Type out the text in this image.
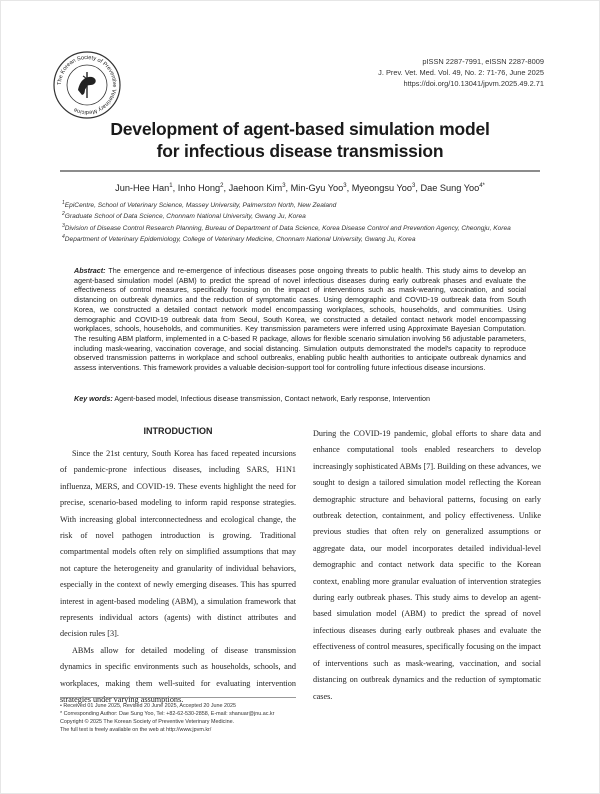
The Korean Society of Preventive Veterinary Medicine
pISSN 2287-7991, eISSN 2287-8009
J. Prev. Vet. Med. Vol. 49, No. 2: 71-76, June 2025
https://doi.org/10.13041/jpvm.2025.49.2.71
Development of agent-based simulation model
for infectious disease transmission
Jun-Hee Han$^1$, Inho Hong$^2$, Jaehoon Kim$^3$, Min-Gyu Yoo$^3$, Myeongsu Yoo$^3$, Dae Sung Yoo$^{4*}$
$^1$EpiCentre, School of Veterinary Science, Massey University, Palmerston North, New Zealand
$^2$Graduate School of Data Science, Chonnam National University, Gwang Ju, Korea
$^3$Division of Disease Control Research Planning, Bureau of Department of Data Science, Korea Disease Control and Prevention Agency, Cheongju, Korea
$^4$Department of Veterinary Epidemiology, College of Veterinary Medicine, Chonnam National University, Gwang Ju, Korea
Abstract: The emergence and re-emergence of infectious diseases pose ongoing threats to public health. This study aims to develop an agent-based simulation model (ABM) to predict the spread of novel infectious diseases during early outbreak phases and evaluate the effectiveness of control measures, specifically focusing on the impact of interventions such as mask-wearing, vaccination, and social distancing on outbreak dynamics and the reduction of symptomatic cases. Using demographic and COVID-19 outbreak data from South Korea, we constructed a detailed contact network model encompassing workplaces, schools, households, and communities. Using demographic and COVID-19 outbreak data from Seoul, South Korea, we constructed a detailed contact network model encompassing workplaces, schools, households, and communities. Key transmission parameters were inferred using Approximate Bayesian Computation. The resulting ABM platform, implemented in a C-based R package, allows for flexible scenario simulation involving 56 adjustable parameters, including mask-wearing, vaccination coverage, and social distancing. Simulation outputs demonstrated the model's capacity to reproduce observed transmission patterns in workplace and school outbreaks, enabling public health authorities to anticipate outbreak dynamics and assess interventions. This framework provides a valuable decision-support tool for controlling future infectious disease incursions.
Key words: Agent-based model, Infectious disease transmission, Contact network, Early response, Intervention
INTRODUCTION

Since the 21st century, South Korea has faced repeated incursions of pandemic-prone infectious diseases, including SARS, H1N1 influenza, MERS, and COVID-19. These events highlight the need for precise, scenario-based modeling to inform rapid response strategies. With increasing global interconnectedness and ecological change, the risk of novel pathogen introduction is growing. Traditional compartmental models often rely on simplified assumptions that may not capture the heterogeneity and granularity of individual behaviors, especially in the context of newly emerging diseases. This has spurred interest in agent-based modeling (ABM), a simulation framework that represents individual actors (agents) with distinct attributes and decision rules [3].

ABMs allow for detailed modeling of disease transmission dynamics in specific environments such as households, schools, and workplaces, making them well-suited for evaluating intervention strategies under varying assumptions.

During the COVID-19 pandemic, global efforts to share data and enhance computational tools enabled researchers to develop increasingly sophisticated ABMs [7]. Building on these advances, we sought to design a tailored simulation model reflecting the Korean demographic structure and behavioral patterns, focusing on early outbreak detection, containment, and policy effectiveness. Unlike previous studies that often rely on generalized assumptions or aggregate data, our model incorporates detailed individual-level demographic and contact network data specific to the Korean context, enabling more granular evaluation of intervention strategies during early outbreak phases. This study aims to develop an agent-based simulation model (ABM) to predict the spread of novel infectious diseases during early outbreak phases and evaluate the effectiveness of control measures, specifically focusing on the impact of interventions such as mask-wearing, vaccination, and social distancing on outbreak dynamics and the reduction of symptomatic cases.

• Received 01 June 2025, Revised 20 June 2025, Accepted 20 June 2025
* Corresponding Author: Dae Sung Yoo, Tel: +82-62-530-2858, E-mail: shanuar@jnu.ac.kr
Copyright © 2025 The Korean Society of Preventive Veterinary Medicine.
The full text is freely available on the web at http://www.jpvm.kr/
